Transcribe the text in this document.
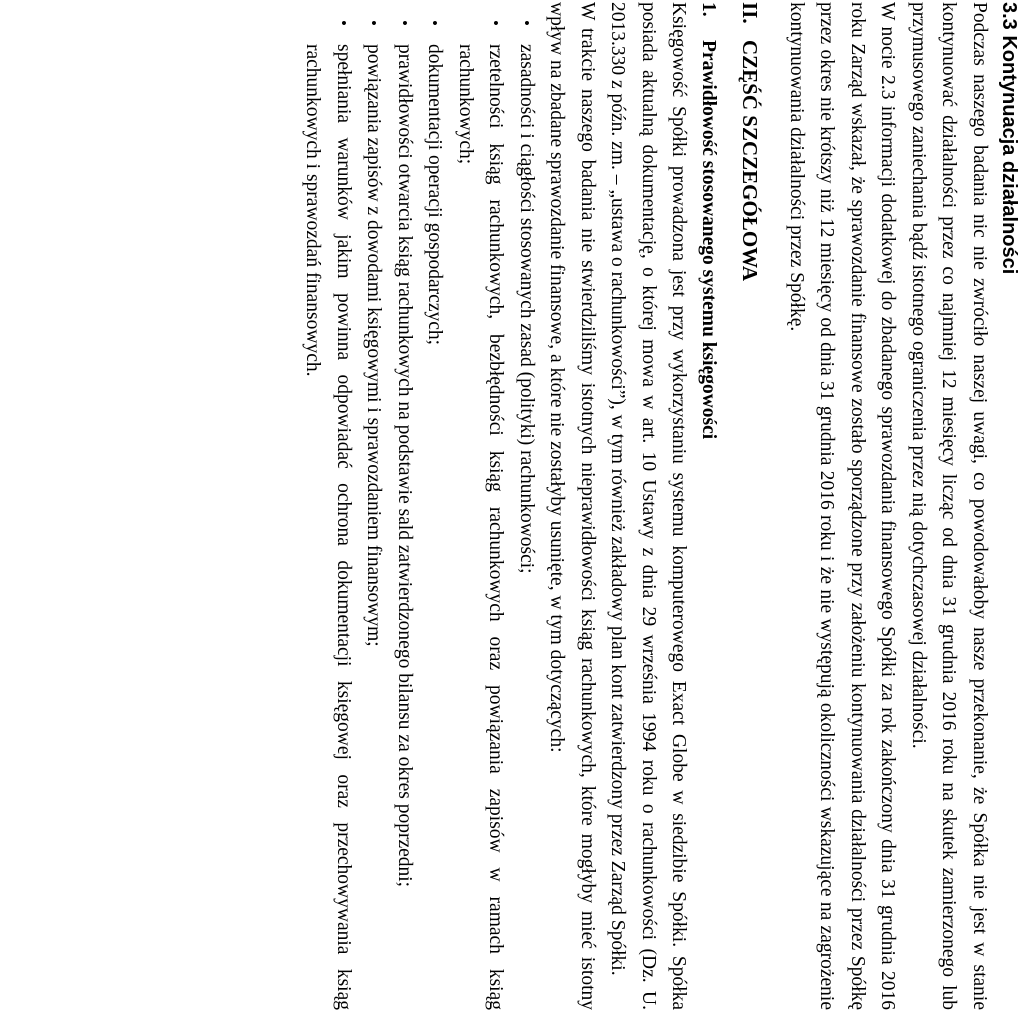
3.3 Kontynuacja działalności

Podczas naszego badania nic nie zwróciło naszej uwagi, co powodowałoby nasze przekonanie, że Spółka nie jest w stanie kontynuować działalności przez co najmniej 12 miesięcy licząc od dnia 31 grudnia 2016 roku na skutek zamierzonego lub przymusowego zaniechania bądź istotnego ograniczenia przez nią dotychczasowej działalności.

W nocie 2.3 informacji dodatkowej do zbadanego sprawozdania finansowego Spółki za rok zakończony dnia 31 grudnia 2016 roku Zarząd wskazał, że sprawozdanie finansowe zostało sporządzone przy założeniu kontynuowania działalności przez Spółkę przez okres nie krótszy niż 12 miesięcy od dnia 31 grudnia 2016 roku i że nie występują okoliczności wskazujące na zagrożenie kontynuowania działalności przez Spółkę.

II.CZĘŚĆ SZCZEGÓŁOWA
1.Prawidłowość stosowanego systemu księgowości

Księgowość Spółki prowadzona jest przy wykorzystaniu systemu komputerowego Exact Globe w siedzibie Spółki. Spółka posiada aktualną dokumentację, o której mowa w art. 10 Ustawy z dnia 29 września 1994 roku o rachunkowości (Dz. U. 2013.330 z późn. zm. – „ustawa o rachunkowości”), w tym również zakładowy plan kont zatwierdzony przez Zarząd Spółki.

W trakcie naszego badania nie stwierdziliśmy istotnych nieprawidłowości ksiąg rachunkowych, które mogłyby mieć istotny wpływ na zbadane sprawozdanie finansowe, a które nie zostałyby usunięte, w tym dotyczących:

•
zasadności i ciągłości stosowanych zasad (polityki) rachunkowości;
•
rzetelności ksiąg rachunkowych, bezbłędności ksiąg rachunkowych oraz powiązania zapisów w ramach ksiąg rachunkowych;
•
dokumentacji operacji gospodarczych;
•
prawidłowości otwarcia ksiąg rachunkowych na podstawie sald zatwierdzonego bilansu za okres poprzedni;
•
powiązania zapisów z dowodami księgowymi i sprawozdaniem finansowym;
•
spełniania warunków jakim powinna odpowiadać ochrona dokumentacji księgowej oraz przechowywania ksiąg rachunkowych i sprawozdań finansowych.
